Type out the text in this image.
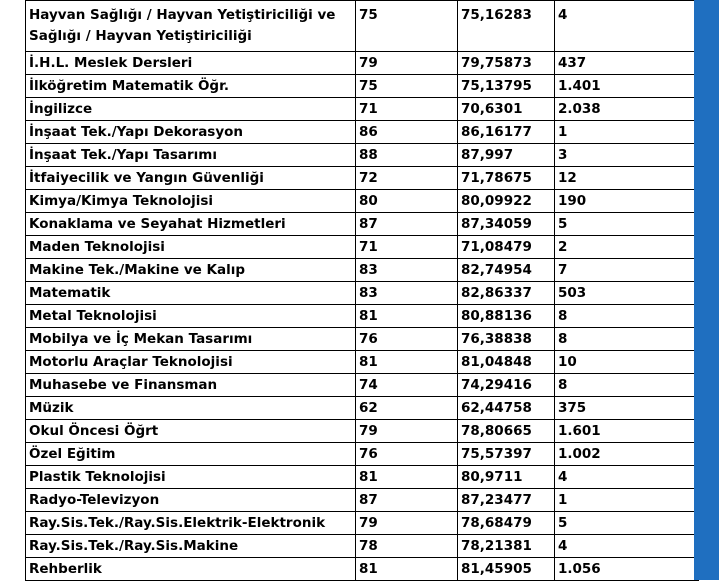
Hayvan Sağlığı / Hayvan Yetiştiriciliği ve Sağlığı / Hayvan Yetiştiriciliği	75	75,16283	4
İ.H.L. Meslek Dersleri	79	79,75873	437
İlköğretim Matematik Öğr.	75	75,13795	1.401
İngilizce	71	70,6301	2.038
İnşaat Tek./Yapı Dekorasyon	86	86,16177	1
İnşaat Tek./Yapı Tasarımı	88	87,997	3
İtfaiyecilik ve Yangın Güvenliği	72	71,78675	12
Kimya/Kimya Teknolojisi	80	80,09922	190
Konaklama ve Seyahat Hizmetleri	87	87,34059	5
Maden Teknolojisi	71	71,08479	2
Makine Tek./Makine ve Kalıp	83	82,74954	7
Matematik	83	82,86337	503
Metal Teknolojisi	81	80,88136	8
Mobilya ve İç Mekan Tasarımı	76	76,38838	8
Motorlu Araçlar Teknolojisi	81	81,04848	10
Muhasebe ve Finansman	74	74,29416	8
Müzik	62	62,44758	375
Okul Öncesi Öğrt	79	78,80665	1.601
Özel Eğitim	76	75,57397	1.002
Plastik Teknolojisi	81	80,9711	4
Radyo-Televizyon	87	87,23477	1
Ray.Sis.Tek./Ray.Sis.Elektrik-Elektronik	79	78,68479	5
Ray.Sis.Tek./Ray.Sis.Makine	78	78,21381	4
Rehberlik	81	81,45905	1.056
